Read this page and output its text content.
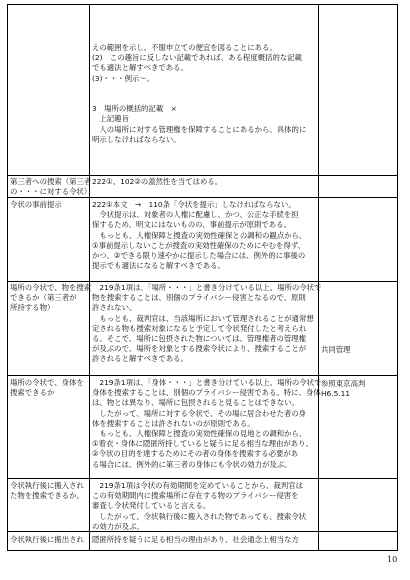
えの範囲を示し、不服申立ての便宜を図ることにある。
(2)　この趣旨に反しない記載であれば、ある程度概括的な記載
でも適法と解すべきである。
(3)・・・例示～。
3　場所の概括的記載　×
　上記趣旨
　人の場所に対する管理権を保障することにあるから、具体的に
明示しなければならない。
第三者への捜索（第三者
の・・・に対する令状）
222①、102②の蓋然性を当てはめる。
令状の事前提示	222①本文　→　110条「令状を提示」しなければならない。
　令状提示は、対象者の人権に配慮し、かつ、公正な手続を担
保するため、明文にはないものの、事前提示が原則である。
　もっとも、人権保障と捜査の実効性確保との調和の観点から、
①事前提示しないことが捜査の実効性確保のためにやむを得ず、
かつ、②できる限り速やかに提示した場合には、例外的に事後の
提示でも適法になると解すべきである。
場所の令状で、物を捜索
できるか（第三者が
所持する物）
　219条1項は、「場所・・・」と書き分けている以上、場所の令状で
物を捜索することは、別個のプライバシー侵害となるので、原則
許されない。
　もっとも、裁判官は、当該場所において管理されることが通常想
定される物も捜索対象になると予定して令状発付したと考えられ
る。そこで、場所に包摂された物については、管理権者の管理権
が及ぶので、場所を対象とする捜索令状により、捜索することが
許されると解すべきである。
共同管理
場所の令状で、身体を
捜索できるか
　219条1項は、「身体・・・」と書き分けている以上、場所の令状で
身体を捜索することは、別個のプライバシー侵害である。特に、身体
は、物とは異なり、場所に包摂されると見ることはできない。
　したがって、場所に対する令状で、その場に居合わせた者の身
体を捜索することは許されないのが原則である。
　もっとも、人権保障と捜査の実効性確保の見地との調和から、
①着衣・身体に隠匿所持していると疑うに足る相当な理由があり、
②令状の目的を達するためにその者の身体を捜索する必要があ
る場合には、例外的に第三者の身体にも令状の効力が及ぶ。
参照東京高判
H6.5.11
令状執行後に搬入され
た物を捜索できるか。
　219条1項は令状の有効期間を定めていることから、裁判官は
この有効期間内に捜索場所に存在する物のプライバシー侵害を
審査し令状発付していると言える。
　したがって、令状執行後に搬入された物であっても、捜索令状
の効力が及ぶ。
令状執行後に搬出され 隠匿所持を疑うに足る相当の理由があり、社会通念上相当な方
10
